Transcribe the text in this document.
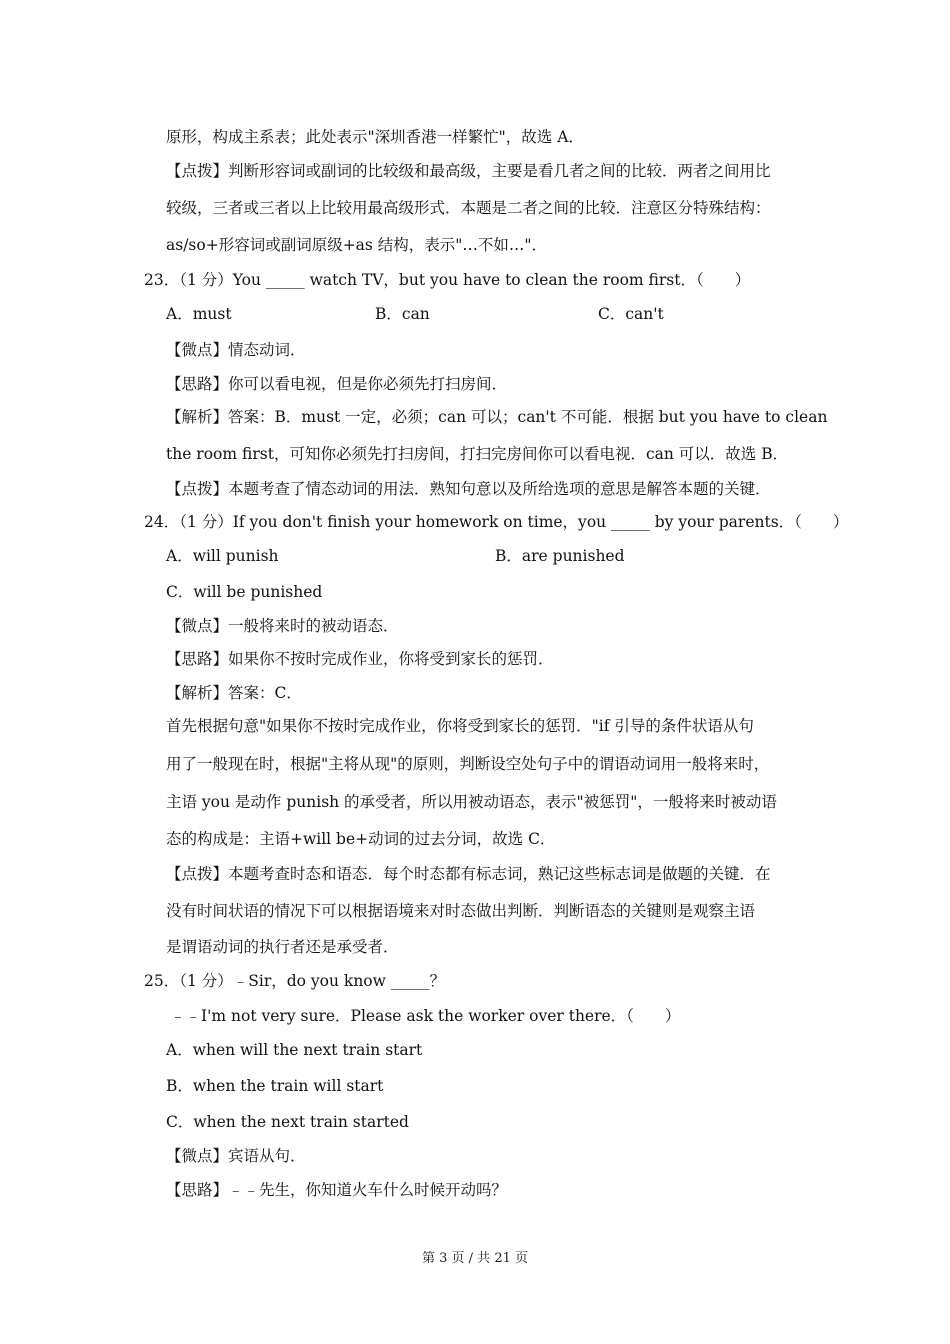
原形，构成主系表；此处表示"深圳香港一样繁忙"，故选 A．
【点拨】判断形容词或副词的比较级和最高级，主要是看几者之间的比较．两者之间用比
较级，三者或三者以上比较用最高级形式．本题是二者之间的比较．注意区分特殊结构：
as/so+形容词或副词原级+as 结构，表示"…不如…"．
23．（1 分）You _____ watch TV，but you have to clean the room first．（　　）
A．must	B．can	C．can't
【微点】情态动词．
【思路】你可以看电视，但是你必须先打扫房间．
【解析】答案：B．must 一定，必须；can 可以；can't 不可能．根据 but you have to clean
the room first，可知你必须先打扫房间，打扫完房间你可以看电视．can 可以．故选 B．
【点拨】本题考查了情态动词的用法．熟知句意以及所给选项的意思是解答本题的关键．
24．（1 分）If you don't finish your homework on time，you _____ by your parents．（　　）
A．will punish	B．are punished
C．will be punished
【微点】一般将来时的被动语态．
【思路】如果你不按时完成作业，你将受到家长的惩罚．
【解析】答案：C．
首先根据句意"如果你不按时完成作业，你将受到家长的惩罚．"if 引导的条件状语从句
用了一般现在时，根据"主将从现"的原则，判断设空处句子中的谓语动词用一般将来时，
主语 you 是动作 punish 的承受者，所以用被动语态，表示"被惩罚"，一般将来时被动语
态的构成是：主语+will be+动词的过去分词，故选 C．
【点拨】本题考查时态和语态．每个时态都有标志词，熟记这些标志词是做题的关键．在
没有时间状语的情况下可以根据语境来对时态做出判断．判断语态的关键则是观察主语
是谓语动词的执行者还是承受者．
25．（1 分）﹣Sir，do you know _____？
﹣﹣I'm not very sure．Please ask the worker over there．（　　）
A．when will the next train start
B．when the train will start
C．when the next train started
【微点】宾语从句．
【思路】﹣﹣先生，你知道火车什么时候开动吗？
第 3 页 / 共 21 页
